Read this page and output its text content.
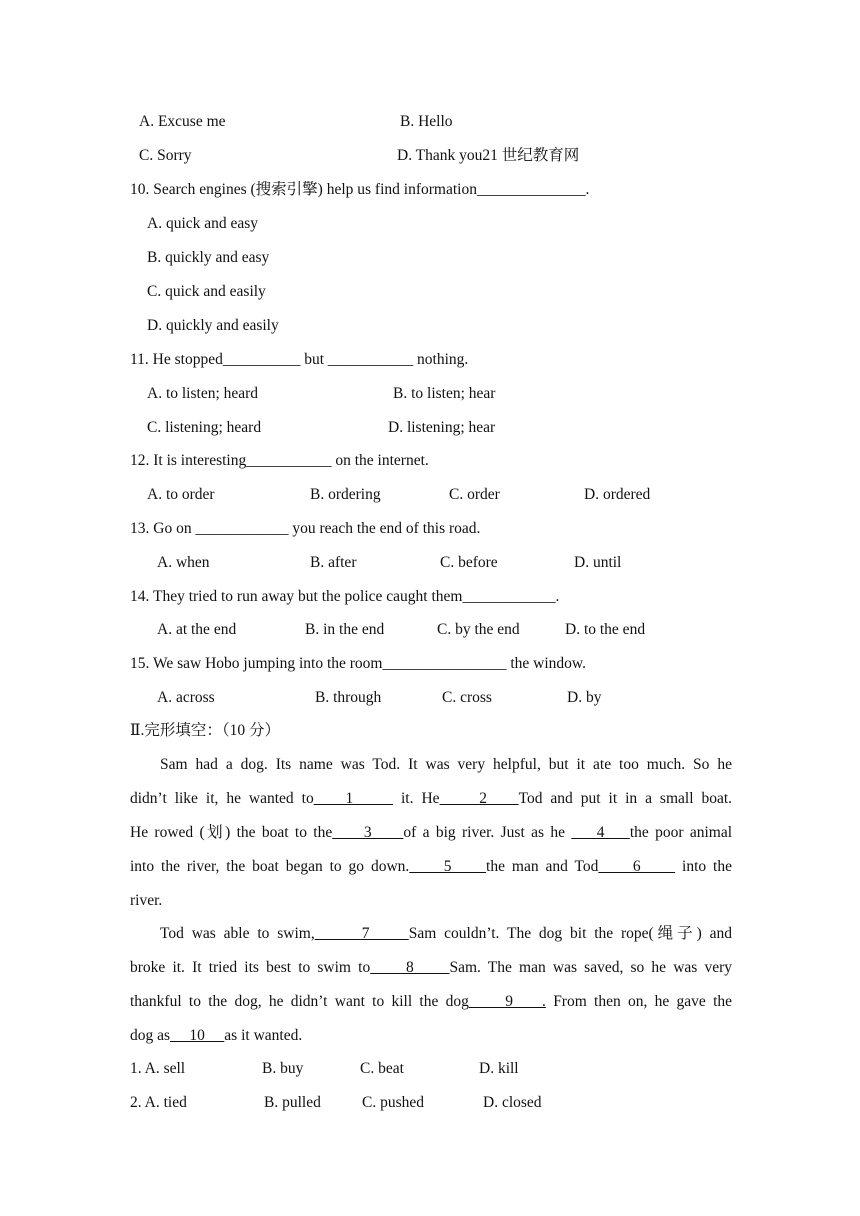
A. Excuse me	B. Hello
C. Sorry	D. Thank you21 世纪教育网
10. Search engines (搜索引擎) help us find information______________.
A. quick and easy
B. quickly and easy
C. quick and easily
D. quickly and easily
11. He stopped__________ but ___________ nothing.
A. to listen; heard	B. to listen; hear
C. listening; heard	D. listening; hear
12. It is interesting___________ on the internet.
A. to order	B. ordering	C. order	D. ordered
13. Go on ____________ you reach the end of this road.
A. when	B. after	C. before	D. until
14. They tried to run away but the police caught them____________.
A. at the end	B. in the end	C. by the end	D. to the end
15. We saw Hobo jumping into the room________________ the window.
A. across	B. through	C. cross	D. by
Ⅱ.完形填空：（10 分）
Sam had a dog. Its name was Tod. It was very helpful, but it ate too much. So he
didn’t like it, he wanted to    1      it. He     2    Tod and put it in a small boat.
He rowed (划) the boat to the     3     of a big river. Just as he     4    the poor animal
into the river, the boat began to go down.     5     the man and Tod     6      into the
river.
Tod was able to swim,      7     Sam couldn’t. The dog bit the rope(绳子) and
broke it. It tried its best to swim to     8     Sam. The man was saved, so he was very
thankful to the dog, he didn’t want to kill the dog     9    . From then on, he gave the
dog as     10     as it wanted.
1. A. sell	B. buy	C. beat	D. kill
2. A. tied	B. pulled	C. pushed	D. closed
